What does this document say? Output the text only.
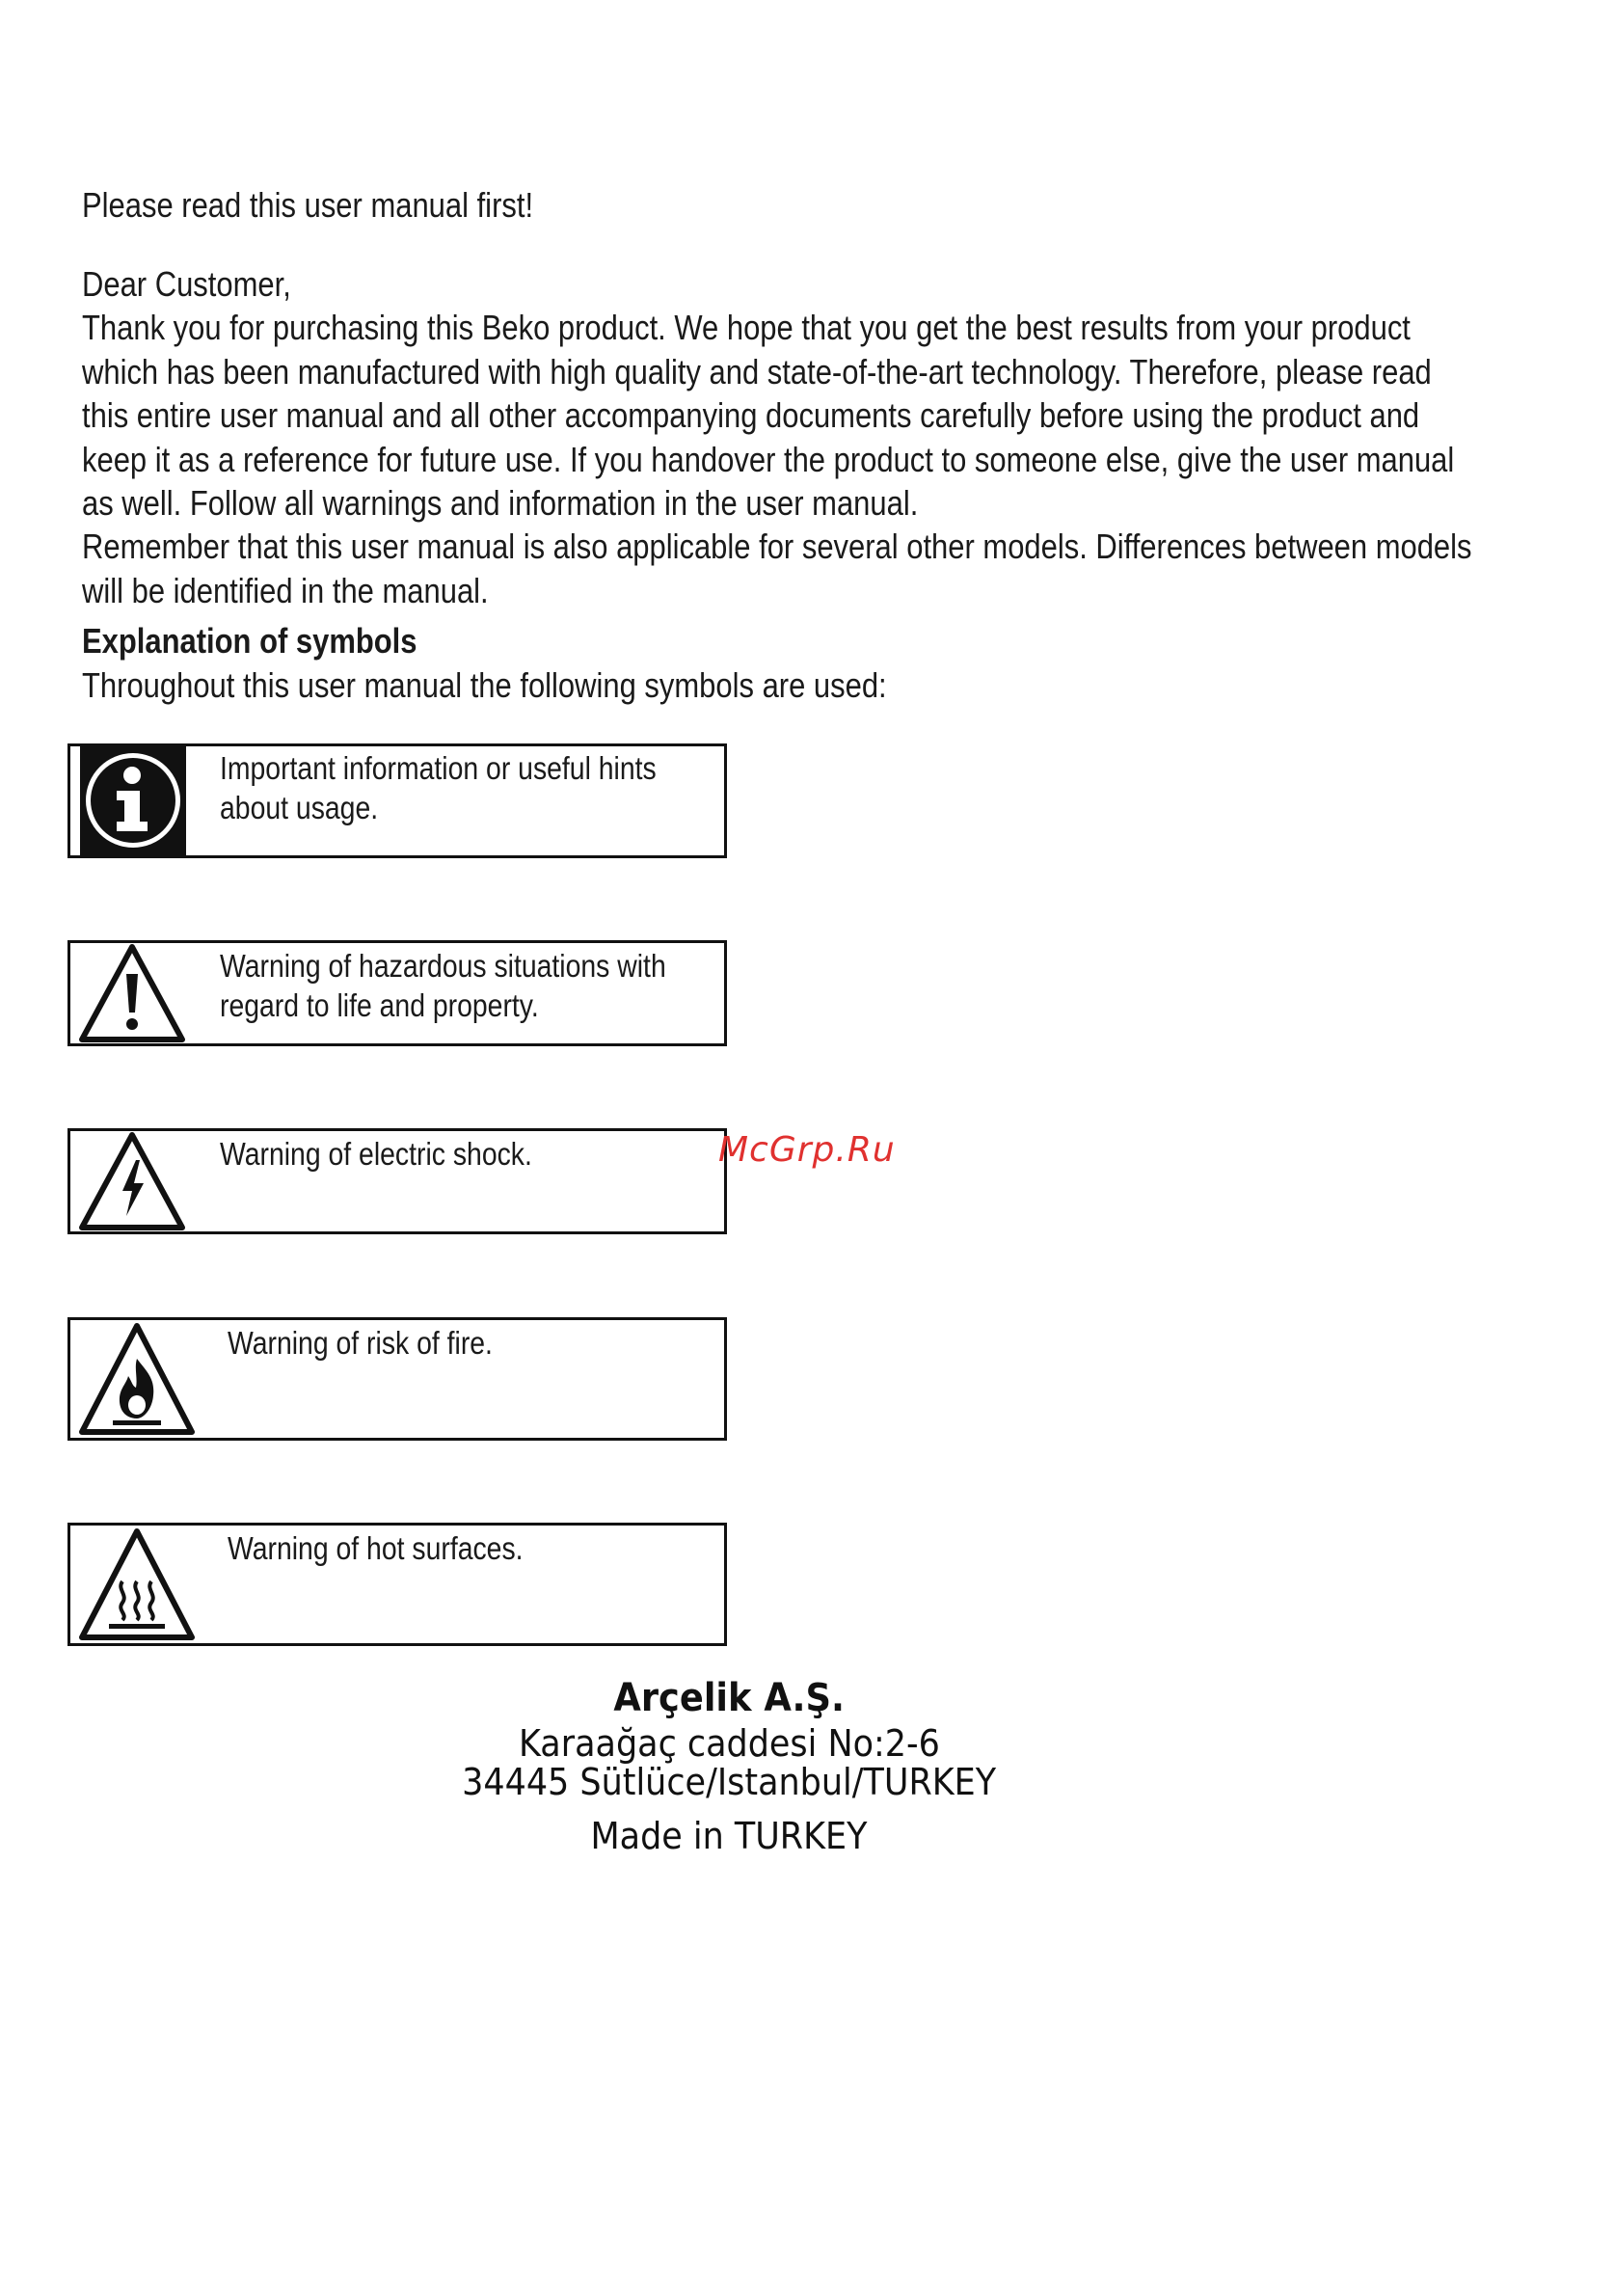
Please read this user manual first!

Dear Customer,

Thank you for purchasing this Beko product. We hope that you get the best results from your product

which has been manufactured with high quality and state-of-the-art technology. Therefore, please read

this entire user manual and all other accompanying documents carefully before using the product and

keep it as a reference for future use. If you handover the product to someone else, give the user manual

as well. Follow all warnings and information in the user manual.

Remember that this user manual is also applicable for several other models. Differences between models

will be identified in the manual.

Explanation of symbols
Throughout this user manual the following symbols are used:
Important information or useful hints
about usage.
Warning of hazardous situations with
regard to life and property.
Warning of electric shock.
Warning of risk of fire.
Warning of hot surfaces.
McGrp.Ru
Arçelik A.Ş.
Karaağaç caddesi No:2-6
34445 Sütlüce/Istanbul/TURKEY
Made in TURKEY
